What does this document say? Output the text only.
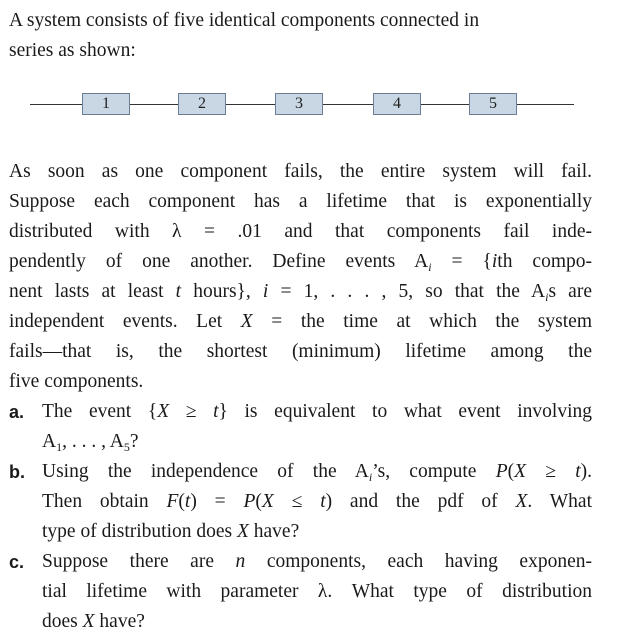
A system consists of five identical components connected in
series as shown:
1	2	3	4	5
As soon as one component fails, the entire system will fail.
Suppose each component has a lifetime that is exponentially
distributed with λ = .01 and that components fail inde-
pendently of one another. Define events $A_i = \{ith$ compo-
nent lasts at least t hours}, i = 1, . . . , 5, so that the $A_is$ are
independent events. Let X = the time at which the system
fails—that is, the shortest (minimum) lifetime among the
five components.
a. The event {X ≥ t} is equivalent to what event involving
$A_1$, . . . , $A_5$?
b. Using the independence of the $A_i’s$, compute P(X ≥ t).
Then obtain F(t) = P(X ≤ t) and the pdf of X. What
type of distribution does X have?
c. Suppose there are n components, each having exponen-
tial lifetime with parameter λ. What type of distribution
does X have?
